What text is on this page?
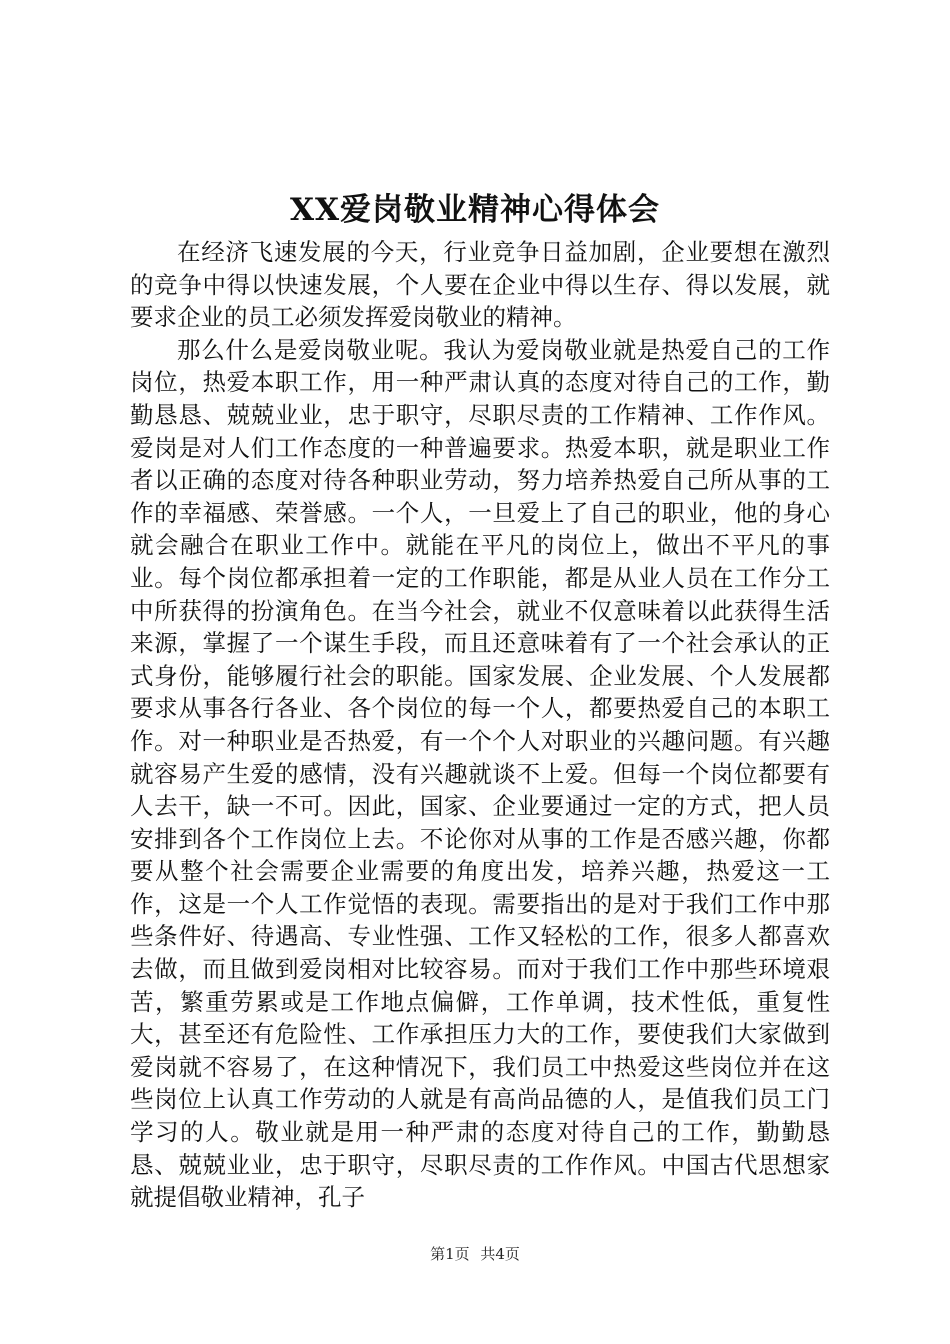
XX爱岗敬业精神心得体会

在经济飞速发展的今天，行业竞争日益加剧，企业要想在激烈的竞争中得以快速发展，个人要在企业中得以生存、得以发展，就要求企业的员工必须发挥爱岗敬业的精神。

那么什么是爱岗敬业呢。我认为爱岗敬业就是热爱自己的工作岗位，热爱本职工作，用一种严肃认真的态度对待自己的工作，勤勤恳恳、兢兢业业，忠于职守，尽职尽责的工作精神、工作作风。爱岗是对人们工作态度的一种普遍要求。热爱本职，就是职业工作者以正确的态度对待各种职业劳动，努力培养热爱自己所从事的工作的幸福感、荣誉感。一个人，一旦爱上了自己的职业，他的身心就会融合在职业工作中。就能在平凡的岗位上，做出不平凡的事业。每个岗位都承担着一定的工作职能，都是从业人员在工作分工中所获得的扮演角色。在当今社会，就业不仅意味着以此获得生活来源，掌握了一个谋生手段，而且还意味着有了一个社会承认的正式身份，能够履行社会的职能。国家发展、企业发展、个人发展都要求从事各行各业、各个岗位的每一个人，都要热爱自己的本职工作。对一种职业是否热爱，有一个个人对职业的兴趣问题。有兴趣就容易产生爱的感情，没有兴趣就谈不上爱。但每一个岗位都要有人去干，缺一不可。因此，国家、企业要通过一定的方式，把人员安排到各个工作岗位上去。不论你对从事的工作是否感兴趣，你都要从整个社会需要企业需要的角度出发，培养兴趣，热爱这一工作，这是一个人工作觉悟的表现。需要指出的是对于我们工作中那些条件好、待遇高、专业性强、工作又轻松的工作，很多人都喜欢去做，而且做到爱岗相对比较容易。而对于我们工作中那些环境艰苦，繁重劳累或是工作地点偏僻，工作单调，技术性低，重复性大，甚至还有危险性、工作承担压力大的工作，要使我们大家做到爱岗就不容易了，在这种情况下，我们员工中热爱这些岗位并在这些岗位上认真工作劳动的人就是有高尚品德的人，是值我们员工门学习的人。敬业就是用一种严肃的态度对待自己的工作，勤勤恳恳、兢兢业业，忠于职守，尽职尽责的工作作风。中国古代思想家就提倡敬业精神，孔子

第1页 共4页
